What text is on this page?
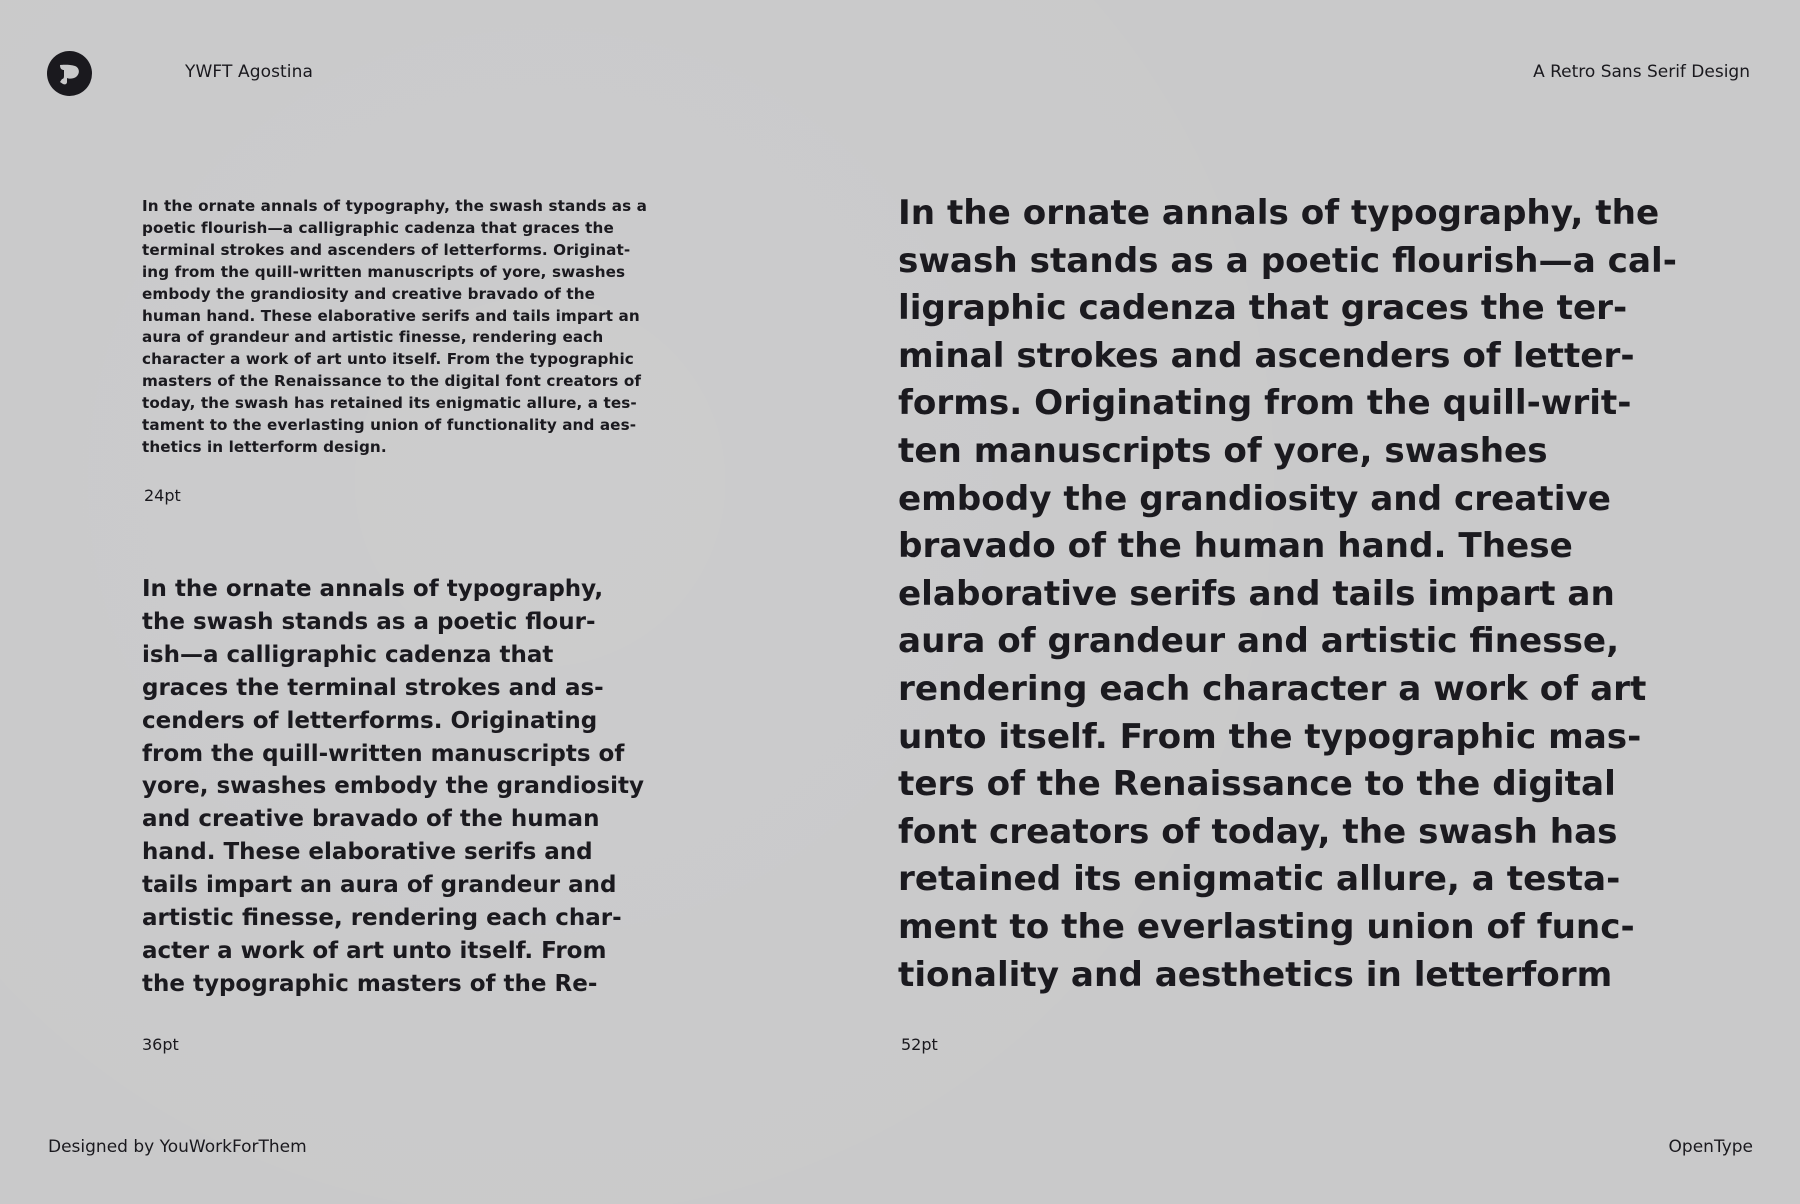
YWFT Agostina	A Retro Sans Serif Design

In the ornate annals of typography, the swash stands as a
poetic flourish—a calligraphic cadenza that graces the
terminal strokes and ascenders of letterforms. Originat-
ing from the quill-written manuscripts of yore, swashes
embody the grandiosity and creative bravado of the
human hand. These elaborative serifs and tails impart an
aura of grandeur and artistic finesse, rendering each
character a work of art unto itself. From the typographic
masters of the Renaissance to the digital font creators of
today, the swash has retained its enigmatic allure, a tes-
tament to the everlasting union of functionality and aes-
thetics in letterform design.

24pt

In the ornate annals of typography,
the swash stands as a poetic flour-
ish—a calligraphic cadenza that
graces the terminal strokes and as-
cenders of letterforms. Originating
from the quill-written manuscripts of
yore, swashes embody the grandiosity
and creative bravado of the human
hand. These elaborative serifs and
tails impart an aura of grandeur and
artistic finesse, rendering each char-
acter a work of art unto itself. From
the typographic masters of the Re-

36pt

In the ornate annals of typography, the
swash stands as a poetic flourish—a cal-
ligraphic cadenza that graces the ter-
minal strokes and ascenders of letter-
forms. Originating from the quill-writ-
ten manuscripts of yore, swashes
embody the grandiosity and creative
bravado of the human hand. These
elaborative serifs and tails impart an
aura of grandeur and artistic finesse,
rendering each character a work of art
unto itself. From the typographic mas-
ters of the Renaissance to the digital
font creators of today, the swash has
retained its enigmatic allure, a testa-
ment to the everlasting union of func-
tionality and aesthetics in letterform

52pt
Designed by YouWorkForThem	OpenType
